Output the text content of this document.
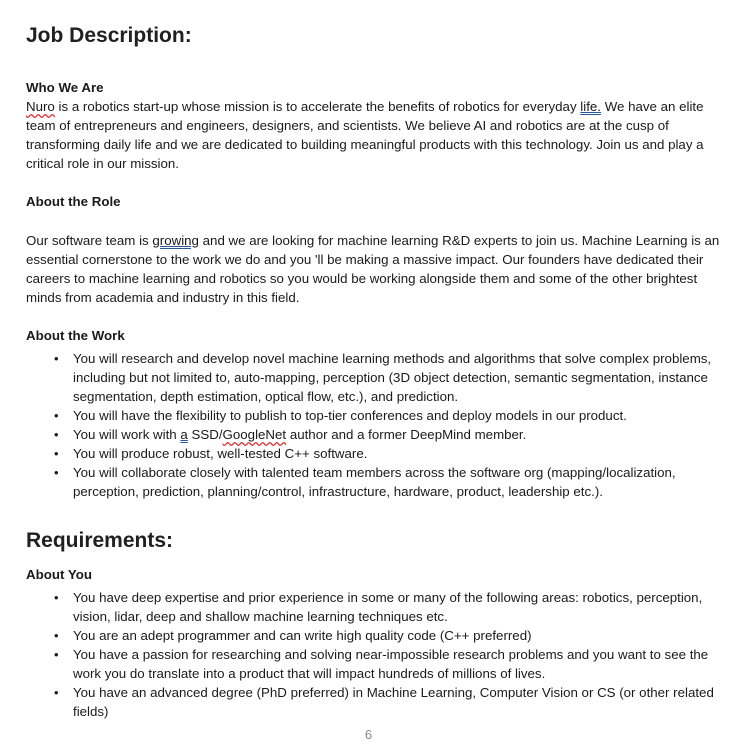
Job Description:

Who We Are

Nuro is a robotics start-up whose mission is to accelerate the benefits of robotics for everyday life. We have an elite team of entrepreneurs and engineers, designers, and scientists. We believe AI and robotics are at the cusp of transforming daily life and we are dedicated to building meaningful products with this technology. Join us and play a critical role in our mission.

About the Role

Our software team is growing and we are looking for machine learning R&D experts to join us. Machine Learning is an essential cornerstone to the work we do and you 'll be making a massive impact. Our founders have dedicated their careers to machine learning and robotics so you would be working alongside them and some of the other brightest minds from academia and industry in this field.

About the Work

• You will research and develop novel machine learning methods and algorithms that solve complex problems, including but not limited to, auto-mapping, perception (3D object detection, semantic segmentation, instance segmentation, depth estimation, optical flow, etc.), and prediction.
• You will have the flexibility to publish to top-tier conferences and deploy models in our product.
• You will work with a SSD/GoogleNet author and a former DeepMind member.
• You will produce robust, well-tested C++ software.
• You will collaborate closely with talented team members across the software org (mapping/localization, perception, prediction, planning/control, infrastructure, hardware, product, leadership etc.).
Requirements:

About You

• You have deep expertise and prior experience in some or many of the following areas: robotics, perception, vision, lidar, deep and shallow machine learning techniques etc.
• You are an adept programmer and can write high quality code (C++ preferred)
• You have a passion for researching and solving near-impossible research problems and you want to see the work you do translate into a product that will impact hundreds of millions of lives.
• You have an advanced degree (PhD preferred) in Machine Learning, Computer Vision or CS (or other related fields)
6
